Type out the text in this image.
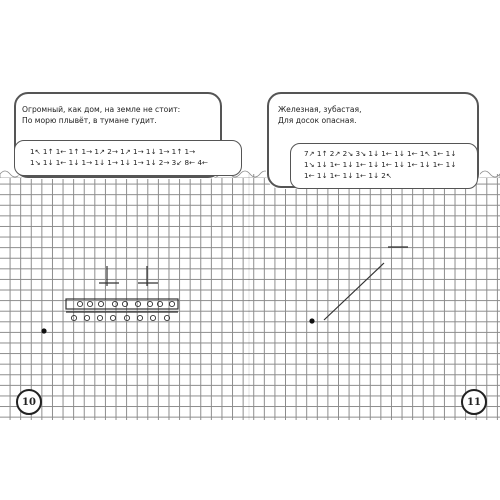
Огромный, как дом, на земле не стоит:
По морю плывёт, в тумане гудит.
1↖ 1↑ 1← 1↑ 1→ 1↗ 2→ 1↗ 1→ 1↓ 1→ 1↑ 1→
1↘ 1↓ 1← 1↓ 1→ 1↓ 1→ 1↓ 1→ 1↓ 2→ 3↙ 8← 4←
Железная, зубастая,
Для досок опасная.
7↗ 1↑ 2↗ 2↘ 3↘ 1↓ 1← 1↓ 1← 1↖ 1← 1↓
1↘ 1↓ 1← 1↓ 1← 1↓ 1← 1↓ 1← 1↓ 1← 1↓
1← 1↓ 1← 1↓ 1← 1↓ 2↖
10	11
